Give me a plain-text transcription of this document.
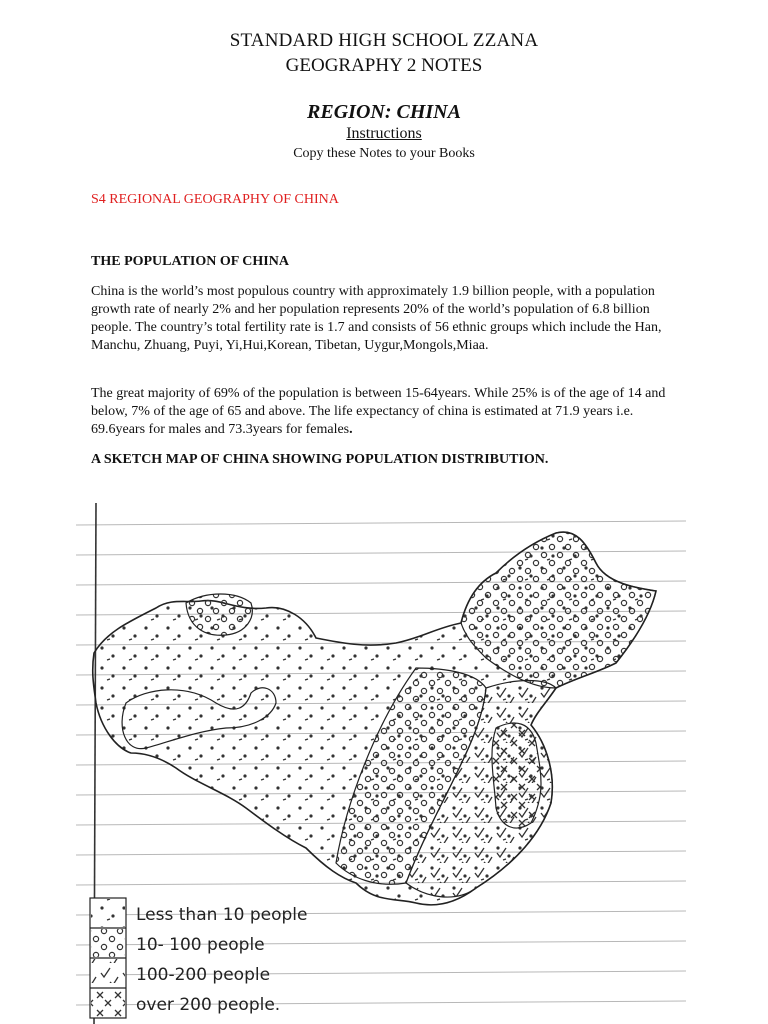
STANDARD HIGH SCHOOL ZZANA
GEOGRAPHY 2 NOTES
REGION: CHINA
Instructions
Copy these Notes to your Books
S4 REGIONAL GEOGRAPHY OF CHINA
THE POPULATION OF CHINA

China is the world’s most populous country with approximately 1.9 billion people, with a population growth rate of nearly 2% and her population represents 20% of the world’s population of 6.8 billion people. The country’s total fertility rate is 1.7 and consists of 56 ethnic groups which include the Han, Manchu, Zhuang, Puyi, Yi,Hui,Korean, Tibetan, Uygur,Mongols,Miaa.

The great majority of 69% of the population is between 15-64years. While 25% is of the age of 14 and below, 7% of the age of 65 and above. The life expectancy of china is estimated at 71.9 years i.e. 69.6years for males and 73.3years for females.

A SKETCH MAP OF CHINA SHOWING POPULATION DISTRIBUTION.
Less than 10 people
10- 100 people
100-200 people
over 200 people.
